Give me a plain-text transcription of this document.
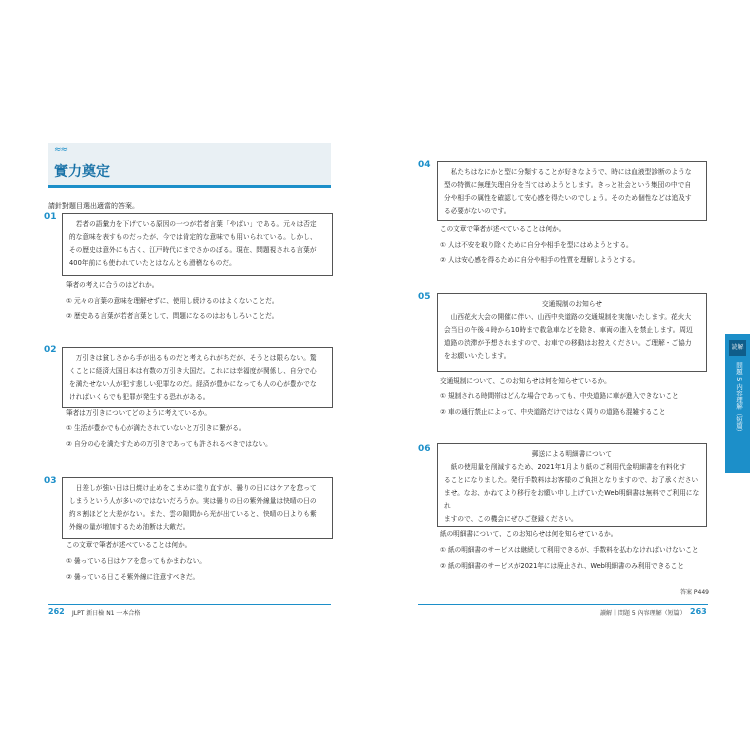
≈≈
實力奠定
請針對題目選出適當的答案。
01
　若者の語彙力を下げている原因の一つが若者言葉「やばい」である。元々は否定
的な意味を表すものだったが、今では肯定的な意味でも用いられている。しかし、
その歴史は意外にも古く、江戸時代にまでさかのぼる。現在、問題視される言葉が
400年前にも使われていたとはなんとも滑稽なものだ。
筆者の考えに合うのはどれか。
① 元々の言葉の意味を理解せずに、使用し続けるのはよくないことだ。
② 歴史ある言葉が若者言葉として、問題になるのはおもしろいことだ。
02
　万引きは貧しさから手が出るものだと考えられがちだが、そうとは限らない。驚
くことに経済大国日本は有数の万引き大国だ。これには幸福度が関係し、自分で心
を満たせない人が犯す悲しい犯罪なのだ。経済が豊かになっても人の心が豊かでな
ければいくらでも犯罪が発生する恐れがある。
筆者は万引きについてどのように考えているか。
① 生活が豊かでも心が満たされていないと万引きに繋がる。
② 自分の心を満たすための万引きであっても許されるべきではない。
03
　日差しが強い日は日焼け止めをこまめに塗り直すが、曇りの日にはケアを怠って
しまうという人が多いのではないだろうか。実は曇りの日の紫外線量は快晴の日の
約８割ほどと大差がない。また、雲の隙間から光が出ていると、快晴の日よりも紫
外線の量が増加するため油断は大敵だ。
この文章で筆者が述べていることは何か。
① 曇っている日はケアを怠ってもかまわない。
② 曇っている日こそ紫外線に注意すべきだ。
04
　私たちはなにかと型に分類することが好きなようで、時には血液型診断のような
型の特徴に無理矢理自分を当てはめようとします。きっと社会という集団の中で自
分や相手の属性を確認して安心感を得たいのでしょう。そのため個性などは追及す
る必要がないのです。
この文章で筆者が述べていることは何か。
① 人は不安を取り除くために自分や相手を型にはめようとする。
② 人は安心感を得るために自分や相手の性質を理解しようとする。
05
交通規制のお知らせ
　山西花火大会の開催に伴い、山西中央道路の交通規制を実施いたします。花火大
会当日の午後４時から10時まで救急車などを除き、車両の進入を禁止します。周辺
道路の渋滞が予想されますので、お車での移動はお控えください。ご理解・ご協力
をお願いいたします。
交通規制について、このお知らせは何を知らせているか。
① 規制される時間帯はどんな場合であっても、中央道路に車が進入できないこと
② 車の通行禁止によって、中央道路だけではなく周りの道路も混雑すること
06	郵送による明細書について
　紙の使用量を削減するため、2021年1月より紙のご利用代金明細書を有料化す
ることになりました。発行手数料はお客様のご負担となりますので、お了承ください
ませ。なお、かねてより移行をお願い申し上げていたWeb明細書は無料でご利用になれ
ますので、この機会にぜひご登録ください。
紙の明細書について、このお知らせは何を知らせているか。
① 紙の明細書のサービスは継続して利用できるが、手数料を払わなければいけないこと
② 紙の明細書のサービスが2021年には廃止され、Web明細書のみ利用できること
答案 P449
読解
問題 5 内容理解（短篇）
262 JLPT 新日檢 N1 一本合格	讀解｜問題 5 內容理解（短篇） 263
